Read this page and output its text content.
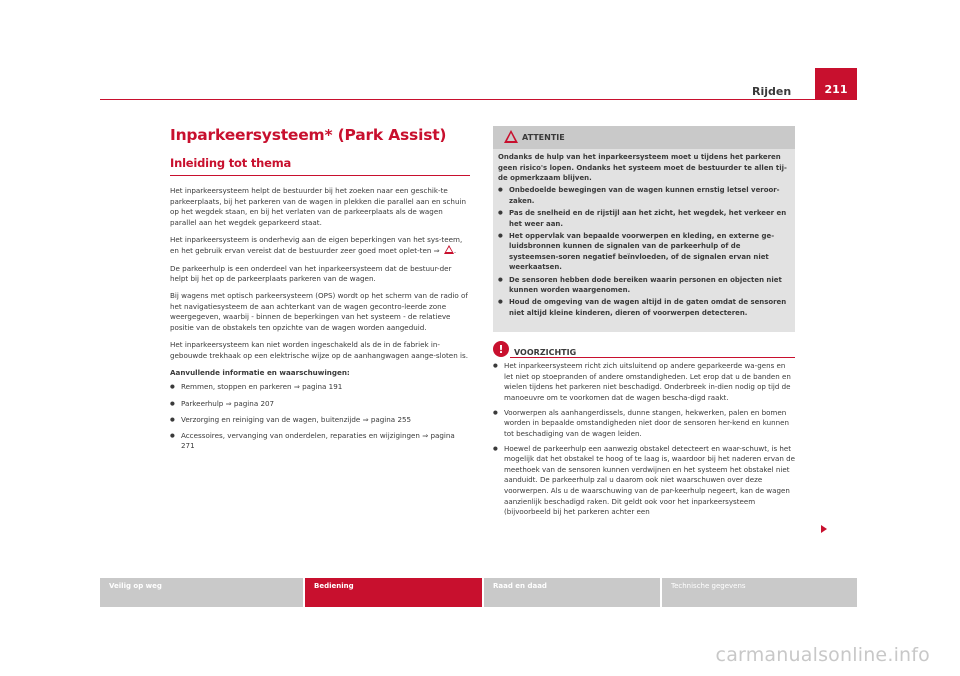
Rijden	211
Inparkeersysteem* (Park Assist)
Inleiding tot thema

Het inparkeersysteem helpt de bestuurder bij het zoeken naar een geschik-te parkeerplaats, bij het parkeren van de wagen in plekken die parallel aan en schuin op het wegdek staan, en bij het verlaten van de parkeerplaats als de wagen parallel aan het wegdek geparkeerd staat.

Het inparkeersysteem is onderhevig aan de eigen beperkingen van het sys-teem, en het gebruik ervan vereist dat de bestuurder zeer goed moet oplet-ten ⇒ .

De parkeerhulp is een onderdeel van het inparkeersysteem dat de bestuur-der helpt bij het op de parkeerplaats parkeren van de wagen.

Bij wagens met optisch parkeersysteem (OPS) wordt op het scherm van de radio of het navigatiesysteem de aan achterkant van de wagen gecontro-leerde zone weergegeven, waarbij - binnen de beperkingen van het systeem - de relatieve positie van de obstakels ten opzichte van de wagen worden aangeduid.

Het inparkeersysteem kan niet worden ingeschakeld als de in de fabriek in-gebouwde trekhaak op een elektrische wijze op de aanhangwagen aange-sloten is.

Aanvullende informatie en waarschuwingen:

● Remmen, stoppen en parkeren ⇒ pagina 191
● Parkeerhulp ⇒ pagina 207
● Verzorging en reiniging van de wagen, buitenzijde ⇒ pagina 255
● Accessoires, vervanging van onderdelen, reparaties en wijzigingen ⇒ pagina 271
ATTENTIE

Ondanks de hulp van het inparkeersysteem moet u tijdens het parkeren geen risico's lopen. Ondanks het systeem moet de bestuurder te allen tij-de opmerkzaam blijven.

● Onbedoelde bewegingen van de wagen kunnen ernstig letsel veroor-zaken.

● Pas de snelheid en de rijstijl aan het zicht, het wegdek, het verkeer en het weer aan.

● Het oppervlak van bepaalde voorwerpen en kleding, en externe ge-luidsbronnen kunnen de signalen van de parkeerhulp of de systeemsen-soren negatief beïnvloeden, of de signalen ervan niet weerkaatsen.

● De sensoren hebben dode bereiken waarin personen en objecten niet kunnen worden waargenomen.

● Houd de omgeving van de wagen altijd in de gaten omdat de sensoren niet altijd kleine kinderen, dieren of voorwerpen detecteren.

!	VOORZICHTIG

● Het inparkeersysteem richt zich uitsluitend op andere geparkeerde wa-gens en let niet op stoepranden of andere omstandigheden. Let erop dat u de banden en wielen tijdens het parkeren niet beschadigd. Onderbreek in-dien nodig op tijd de manoeuvre om te voorkomen dat de wagen bescha-digd raakt.

● Voorwerpen als aanhangerdissels, dunne stangen, hekwerken, palen en bomen worden in bepaalde omstandigheden niet door de sensoren her-kend en kunnen tot beschadiging van de wagen leiden.

● Hoewel de parkeerhulp een aanwezig obstakel detecteert en waar-schuwt, is het mogelijk dat het obstakel te hoog of te laag is, waardoor bij het naderen ervan de meethoek van de sensoren kunnen verdwijnen en het systeem het obstakel niet aanduidt. De parkeerhulp zal u daarom ook niet waarschuwen over deze voorwerpen. Als u de waarschuwing van de par-keerhulp negeert, kan de wagen aanzienlijk beschadigd raken. Dit geldt ook voor het inparkeersysteem (bijvoorbeeld bij het parkeren achter een

Veilig op weg	Bediening	Raad en daad	Technische gegevens
carmanualsonline.info
